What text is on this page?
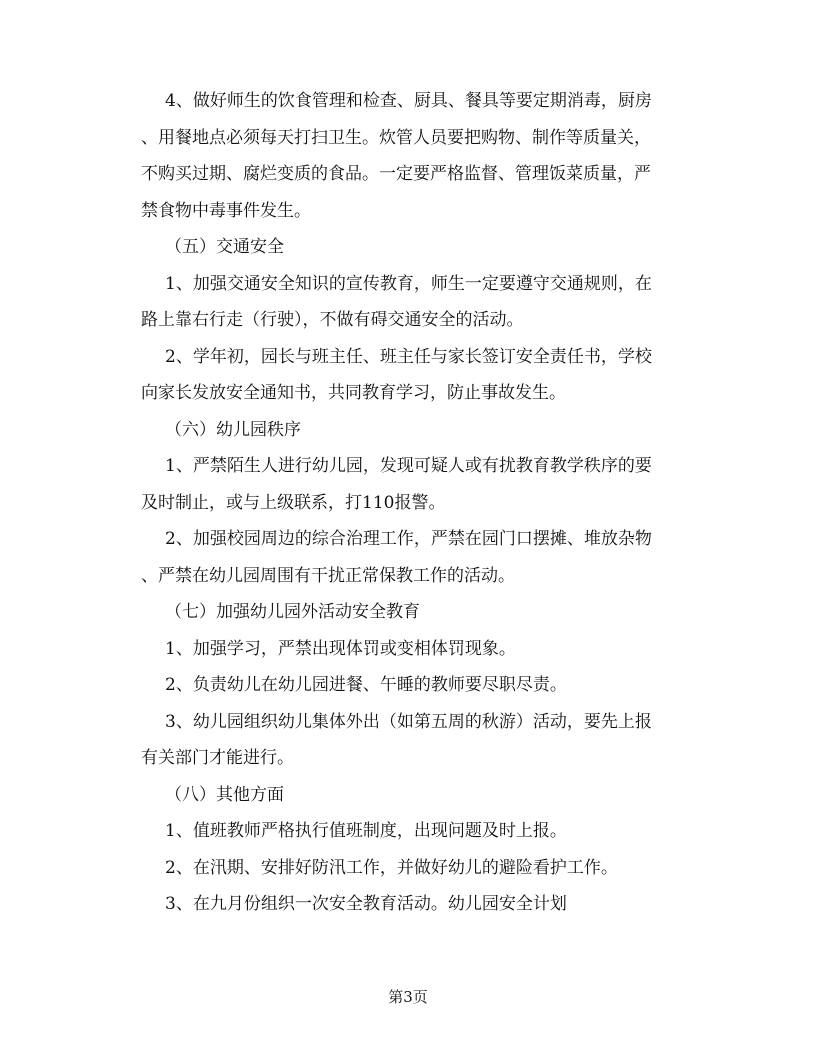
4、做好师生的饮食管理和检查、厨具、餐具等要定期消毒，厨房
、用餐地点必须每天打扫卫生。炊管人员要把购物、制作等质量关，
不购买过期、腐烂变质的食品。一定要严格监督、管理饭菜质量，严
禁食物中毒事件发生。
（五）交通安全
1、加强交通安全知识的宣传教育，师生一定要遵守交通规则，在
路上靠右行走（行驶），不做有碍交通安全的活动。
2、学年初，园长与班主任、班主任与家长签订安全责任书，学校
向家长发放安全通知书，共同教育学习，防止事故发生。
（六）幼儿园秩序
1、严禁陌生人进行幼儿园，发现可疑人或有扰教育教学秩序的要
及时制止，或与上级联系，打110报警。
2、加强校园周边的综合治理工作，严禁在园门口摆摊、堆放杂物
、严禁在幼儿园周围有干扰正常保教工作的活动。
（七）加强幼儿园外活动安全教育
1、加强学习，严禁出现体罚或变相体罚现象。
2、负责幼儿在幼儿园进餐、午睡的教师要尽职尽责。
3、幼儿园组织幼儿集体外出（如第五周的秋游）活动，要先上报
有关部门才能进行。
（八）其他方面
1、值班教师严格执行值班制度，出现问题及时上报。
2、在汛期、安排好防汛工作，并做好幼儿的避险看护工作。
3、在九月份组织一次安全教育活动。幼儿园安全计划
第3页
